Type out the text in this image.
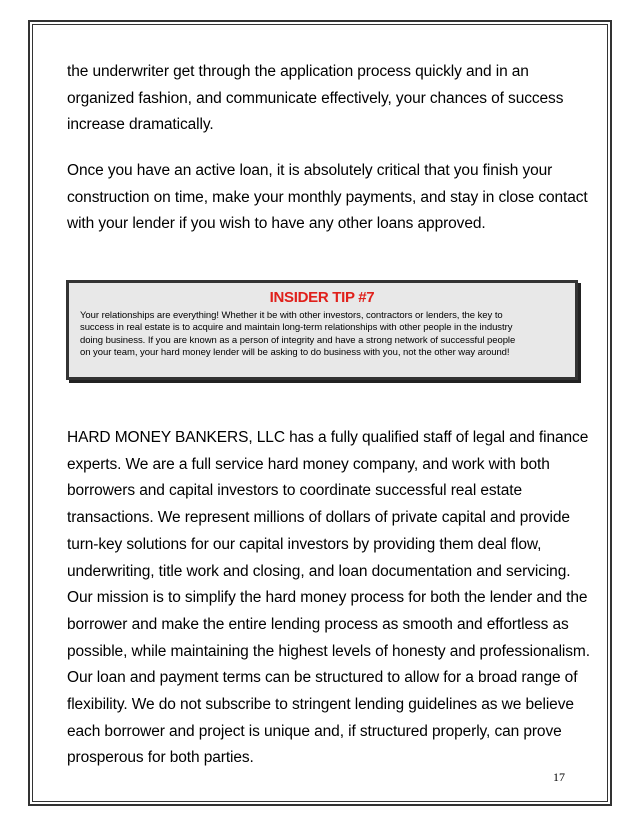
the underwriter get through the application process quickly and in an
organized fashion, and communicate effectively, your chances of success
increase dramatically.

Once you have an active loan, it is absolutely critical that you finish your
construction on time, make your monthly payments, and stay in close contact
with your lender if you wish to have any other loans approved.

INSIDER TIP #7
Your relationships are everything! Whether it be with other investors, contractors or lenders, the key to
success in real estate is to acquire and maintain long-term relationships with other people in the industry
doing business. If you are known as a person of integrity and have a strong network of successful people
on your team, your hard money lender will be asking to do business with you, not the other way around!

HARD MONEY BANKERS, LLC has a fully qualified staff of legal and finance
experts. We are a full service hard money company, and work with both
borrowers and capital investors to coordinate successful real estate
transactions. We represent millions of dollars of private capital and provide
turn-key solutions for our capital investors by providing them deal flow,
underwriting, title work and closing, and loan documentation and servicing.
Our mission is to simplify the hard money process for both the lender and the
borrower and make the entire lending process as smooth and effortless as
possible, while maintaining the highest levels of honesty and professionalism.
Our loan and payment terms can be structured to allow for a broad range of
flexibility. We do not subscribe to stringent lending guidelines as we believe
each borrower and project is unique and, if structured properly, can prove
prosperous for both parties.

17
